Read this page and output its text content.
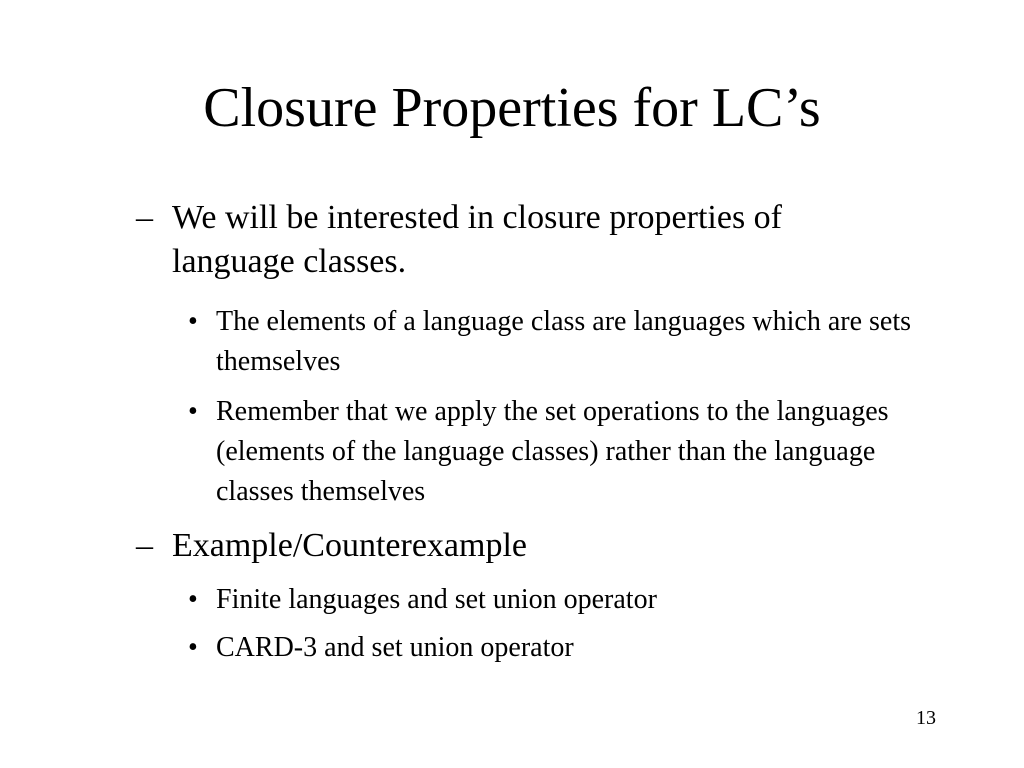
Closure Properties for LC’s
– We will be interested in closure properties of language classes.
• The elements of a language class are languages which are sets themselves
• Remember that we apply the set operations to the languages (elements of the language classes) rather than the language classes themselves
– Example/Counterexample
• Finite languages and set union operator
• CARD-3 and set union operator
13
